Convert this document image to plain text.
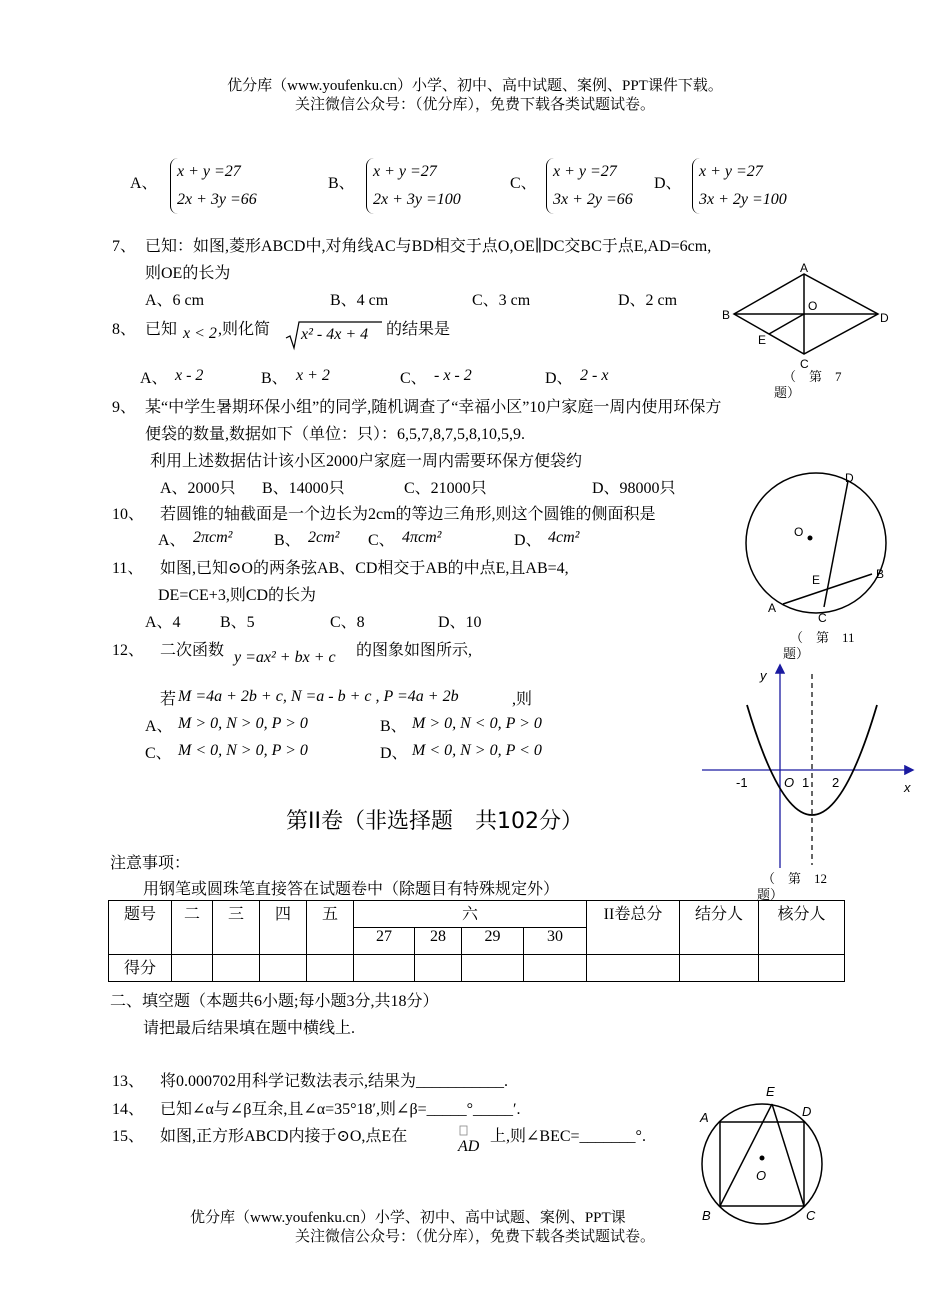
优分库（www.youfenku.cn）小学、初中、高中试题、案例、PPT课件下载。
关注微信公众号：（优分库），免费下载各类试题试卷。
A、
x + y =27
2x + 3y =66
B、
x + y =27
2x + 3y =100
C、
x + y =27
3x + 2y =66
D、
x + y =27
3x + 2y =100
7、 已知：如图,菱形ABCD中,对角线AC与BD相交于点O,OE∥DC交BC于点E,AD=6cm,
则OE的长为
A、6 cm	B、4 cm	C、3 cm	D、2 cm
A
B
O
D
E
C
（　第　7
题）
8、 已知 x < 2 ,则化简 x² - 4x + 4 的结果是
A、 x - 2	B、 x + 2	C、 - x - 2	D、 2 - x
9、 某“中学生暑期环保小组”的同学,随机调查了“幸福小区”10户家庭一周内使用环保方
便袋的数量,数据如下（单位：只）：6,5,7,8,7,5,8,10,5,9.
利用上述数据估计该小区2000户家庭一周内需要环保方便袋约
A、2000只 B、14000只	C、21000只	D、98000只
10、 若圆锥的轴截面是一个边长为2cm的等边三角形,则这个圆锥的侧面积是
A、 2πcm²	B、 2cm² C、 4πcm²	D、 4cm²
D
O
E	B
A
C
（　第　11
题）
11、 如图,已知⊙O的两条弦AB、CD相交于AB的中点E,且AB=4,
DE=CE+3,则CD的长为
A、4 B、5	C、8	D、10
12、 二次函数 y =ax² + bx + c 的图象如图所示,
若 M =4a + 2b + c, N =a - b + c , P =4a + 2b	,则
A、 M > 0, N > 0, P > 0	B、 M > 0, N < 0, P > 0
C、 M < 0, N > 0, P > 0	D、 M < 0, N > 0, P < 0
y
x
-1	O 1 2
（　第　12
题）
第II卷（非选择题　共102分）
注意事项：
用钢笔或圆珠笔直接答在试题卷中（除题目有特殊规定外）
题号	二	三	四	五	六				II卷总分	结分人	核分人
					27	28	29	30			
得分											
二、填空题（本题共6小题;每小题3分,共18分）
请把最后结果填在题中横线上.
13、 将0.000702用科学记数法表示,结果为___________.
14、 已知∠α与∠β互余,且∠α=35°18′,则∠β=_____°_____′.
15、 如图,正方形ABCD内接于⊙O,点E在
AD
上,则∠BEC=_______°.
E
A	D
O
B	C
优分库（www.youfenku.cn）小学、初中、高中试题、案例、PPT课
关注微信公众号：（优分库），免费下载各类试题试卷。
